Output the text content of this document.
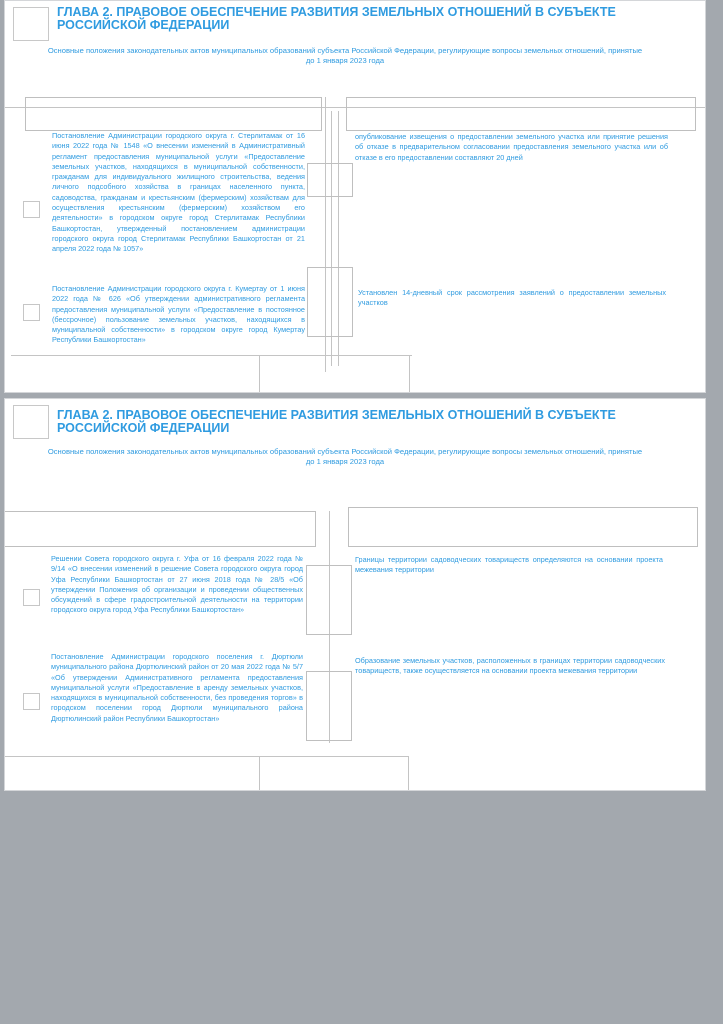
ГЛАВА 2. ПРАВОВОЕ ОБЕСПЕЧЕНИЕ РАЗВИТИЯ ЗЕМЕЛЬНЫХ ОТНОШЕНИЙ В СУБЪЕКТЕ РОССИЙСКОЙ ФЕДЕРАЦИИ
Основные положения законодательных актов муниципальных образований субъекта Российской Федерации, регулирующие вопросы земельных отношений, принятые до 1 января 2023 года
Постановление Администрации городского округа г. Стерлитамак от 16 июня 2022 года № 1548 «О внесении изменений в Административный регламент предоставления муниципальной услуги «Предоставление земельных участков, находящихся в муниципальной собственности, гражданам для индивидуального жилищного строительства, ведения личного подсобного хозяйства в границах населенного пункта, садоводства, гражданам и крестьянским (фермерским) хозяйствам для осуществления крестьянским (фермерским) хозяйством его деятельности» в городском округе город Стерлитамак Республики Башкортостан, утвержденный постановлением администрации городского округа город Стерлитамак Республики Башкортостан от 21 апреля 2022 года № 1057»
опубликование извещения о предоставлении земельного участка или принятие решения об отказе в предварительном согласовании предоставления земельного участка или об отказе в его предоставлении составляют 20 дней
Постановление Администрации городского округа г. Кумертау от 1 июня 2022 года № 626 «Об утверждении административного регламента предоставления муниципальной услуги «Предоставление в постоянное (бессрочное) пользование земельных участков, находящихся в муниципальной собственности» в городском округе город Кумертау Республики Башкортостан»
Установлен 14-дневный срок рассмотрения заявлений о предоставлении земельных участков
ГЛАВА 2. ПРАВОВОЕ ОБЕСПЕЧЕНИЕ РАЗВИТИЯ ЗЕМЕЛЬНЫХ ОТНОШЕНИЙ В СУБЪЕКТЕ РОССИЙСКОЙ ФЕДЕРАЦИИ
Основные положения законодательных актов муниципальных образований субъекта Российской Федерации, регулирующие вопросы земельных отношений, принятые до 1 января 2023 года
Решении Совета городского округа г. Уфа от 16 февраля 2022 года № 9/14 «О внесении изменений в решение Совета городского округа город Уфа Республики Башкортостан от 27 июня 2018 года № 28/5 «Об утверждении Положения об организации и проведении общественных обсуждений в сфере градостроительной деятельности на территории городского округа город Уфа Республики Башкортостан»
Границы территории садоводческих товариществ определяются на основании проекта межевания территории
Постановление Администрации городского поселения г. Дюртюли муниципального района Дюртюлинский район от 20 мая 2022 года № 5/7 «Об утверждении Административного регламента предоставления муниципальной услуги «Предоставление в аренду земельных участков, находящихся в муниципальной собственности, без проведения торгов» в городском поселении город Дюртюли муниципального района Дюртюлинский район Республики Башкортостан»
Образование земельных участков, расположенных в границах территории садоводческих товариществ, также осуществляется на основании проекта межевания территории
